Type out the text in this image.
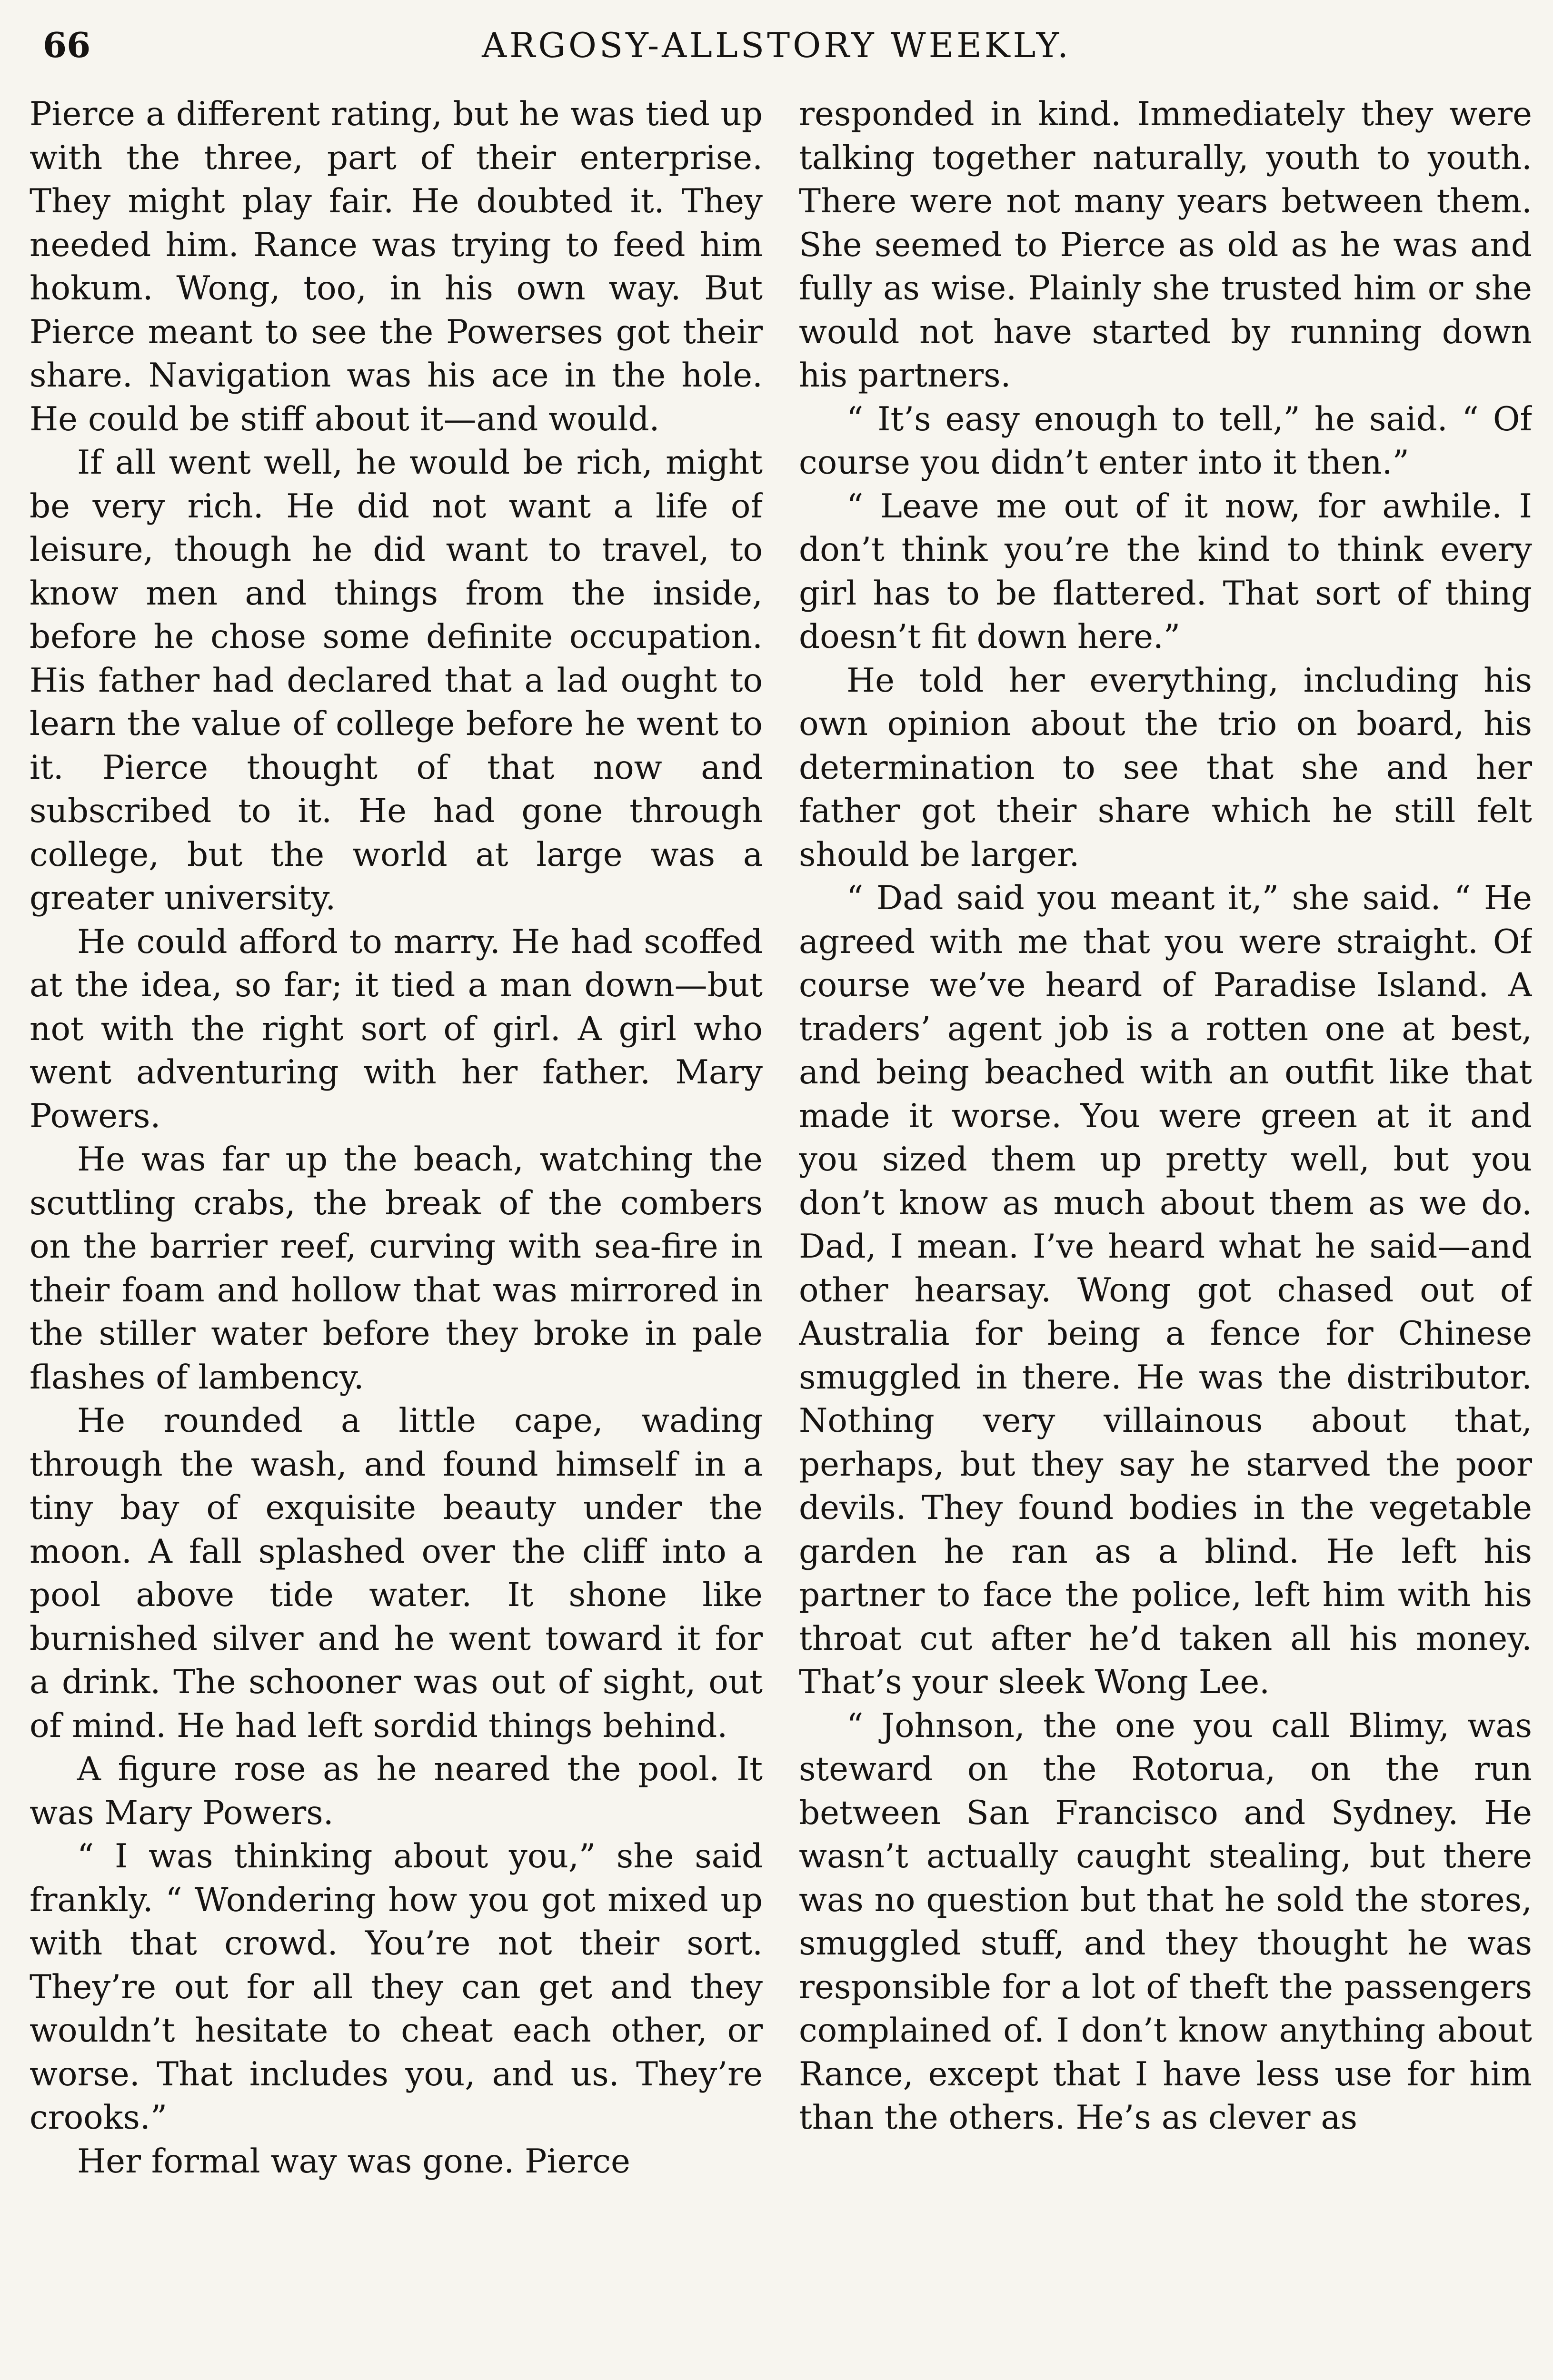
66	ARGOSY-ALLSTORY WEEKLY.

Pierce a different rating, but he was tied up with the three, part of their enterprise. They might play fair. He doubted it. They needed him. Rance was trying to feed him hokum. Wong, too, in his own way. But Pierce meant to see the Powerses got their share. Navigation was his ace in the hole. He could be stiff about it—and would.

If all went well, he would be rich, might be very rich. He did not want a life of leisure, though he did want to travel, to know men and things from the inside, before he chose some definite occupation. His father had declared that a lad ought to learn the value of college before he went to it. Pierce thought of that now and subscribed to it. He had gone through college, but the world at large was a greater university.

He could afford to marry. He had scoffed at the idea, so far; it tied a man down—but not with the right sort of girl. A girl who went adventuring with her father. Mary Powers.

He was far up the beach, watching the scuttling crabs, the break of the combers on the barrier reef, curving with sea-fire in their foam and hollow that was mirrored in the stiller water before they broke in pale flashes of lambency.

He rounded a little cape, wading through the wash, and found himself in a tiny bay of exquisite beauty under the moon. A fall splashed over the cliff into a pool above tide water. It shone like burnished silver and he went toward it for a drink. The schooner was out of sight, out of mind. He had left sordid things behind.

A figure rose as he neared the pool. It was Mary Powers.

“ I was thinking about you,” she said frankly. “ Wondering how you got mixed up with that crowd. You’re not their sort. They’re out for all they can get and they wouldn’t hesitate to cheat each other, or worse. That includes you, and us. They’re crooks.”

Her formal way was gone. Pierce

responded in kind. Immediately they were talking together naturally, youth to youth. There were not many years between them. She seemed to Pierce as old as he was and fully as wise. Plainly she trusted him or she would not have started by running down his partners.

“ It’s easy enough to tell,” he said. “ Of course you didn’t enter into it then.”

“ Leave me out of it now, for awhile. I don’t think you’re the kind to think every girl has to be flattered. That sort of thing doesn’t fit down here.”

He told her everything, including his own opinion about the trio on board, his determination to see that she and her father got their share which he still felt should be larger.

“ Dad said you meant it,” she said. “ He agreed with me that you were straight. Of course we’ve heard of Paradise Island. A traders’ agent job is a rotten one at best, and being beached with an outfit like that made it worse. You were green at it and you sized them up pretty well, but you don’t know as much about them as we do. Dad, I mean. I’ve heard what he said—and other hearsay. Wong got chased out of Australia for being a fence for Chinese smuggled in there. He was the distributor. Nothing very villainous about that, perhaps, but they say he starved the poor devils. They found bodies in the vegetable garden he ran as a blind. He left his partner to face the police, left him with his throat cut after he’d taken all his money. That’s your sleek Wong Lee.

“ Johnson, the one you call Blimy, was steward on the Rotorua, on the run between San Francisco and Sydney. He wasn’t actually caught stealing, but there was no question but that he sold the stores, smuggled stuff, and they thought he was responsible for a lot of theft the passengers complained of. I don’t know anything about Rance, except that I have less use for him than the others. He’s as clever as
